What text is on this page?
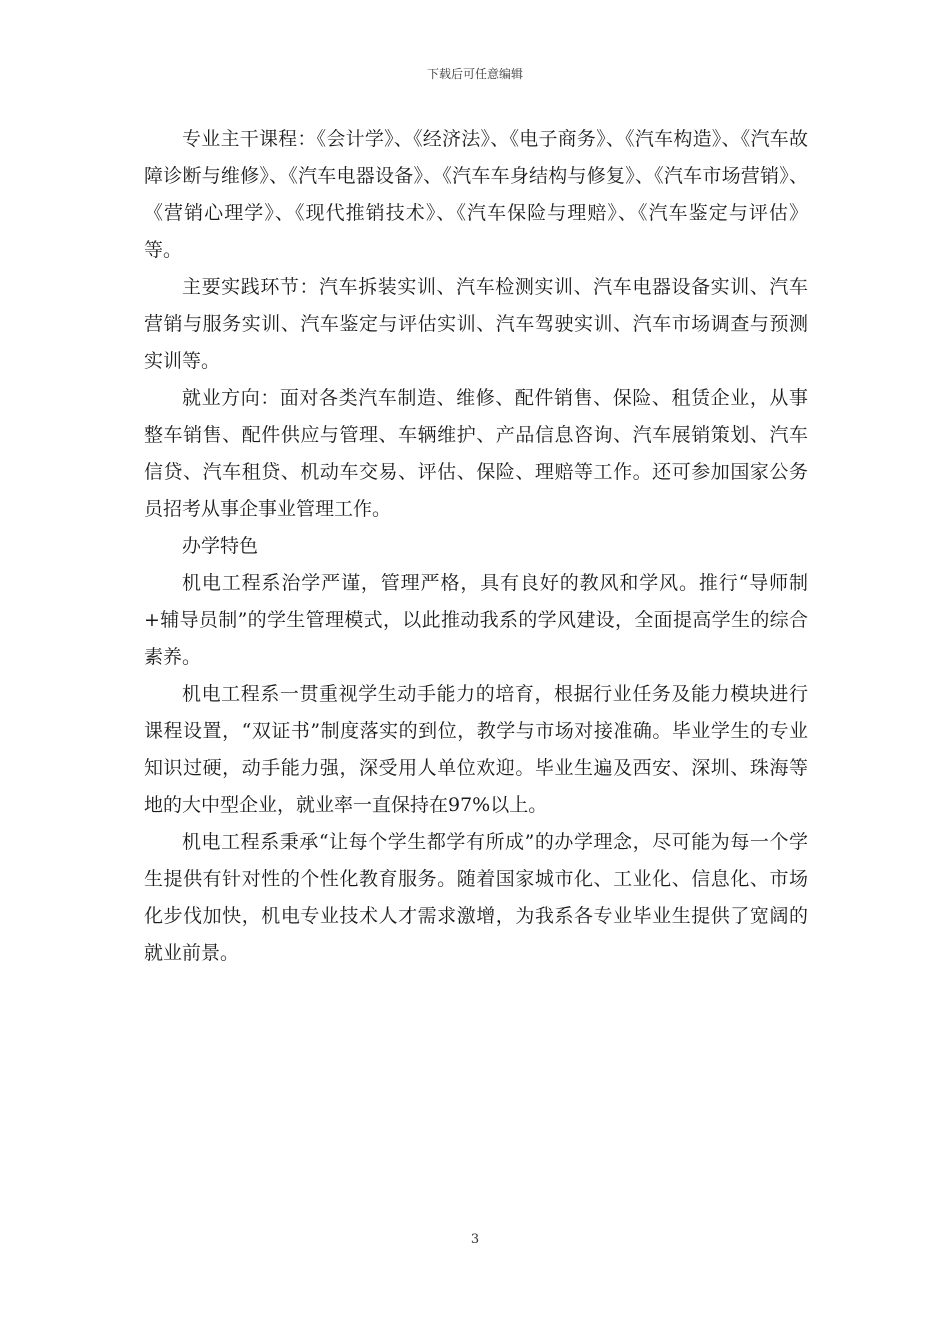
下载后可任意编辑

专业主干课程：《会计学》、《经济法》、《电子商务》、《汽车构造》、《汽车故障诊断与维修》、《汽车电器设备》、《汽车车身结构与修复》、《汽车市场营销》、《营销心理学》、《现代推销技术》、《汽车保险与理赔》、《汽车鉴定与评估》等。

主要实践环节：汽车拆装实训、汽车检测实训、汽车电器设备实训、汽车营销与服务实训、汽车鉴定与评估实训、汽车驾驶实训、汽车市场调查与预测实训等。

就业方向：面对各类汽车制造、维修、配件销售、保险、租赁企业，从事整车销售、配件供应与管理、车辆维护、产品信息咨询、汽车展销策划、汽车信贷、汽车租贷、机动车交易、评估、保险、理赔等工作。还可参加国家公务员招考从事企事业管理工作。

办学特色

机电工程系治学严谨，管理严格，具有良好的教风和学风。推行“导师制+辅导员制”的学生管理模式，以此推动我系的学风建设，全面提高学生的综合素养。

机电工程系一贯重视学生动手能力的培育，根据行业任务及能力模块进行课程设置，“双证书”制度落实的到位，教学与市场对接准确。毕业学生的专业知识过硬，动手能力强，深受用人单位欢迎。毕业生遍及西安、深圳、珠海等地的大中型企业，就业率一直保持在97%以上。

机电工程系秉承“让每个学生都学有所成”的办学理念，尽可能为每一个学生提供有针对性的个性化教育服务。随着国家城市化、工业化、信息化、市场化步伐加快，机电专业技术人才需求激增，为我系各专业毕业生提供了宽阔的就业前景。

3
